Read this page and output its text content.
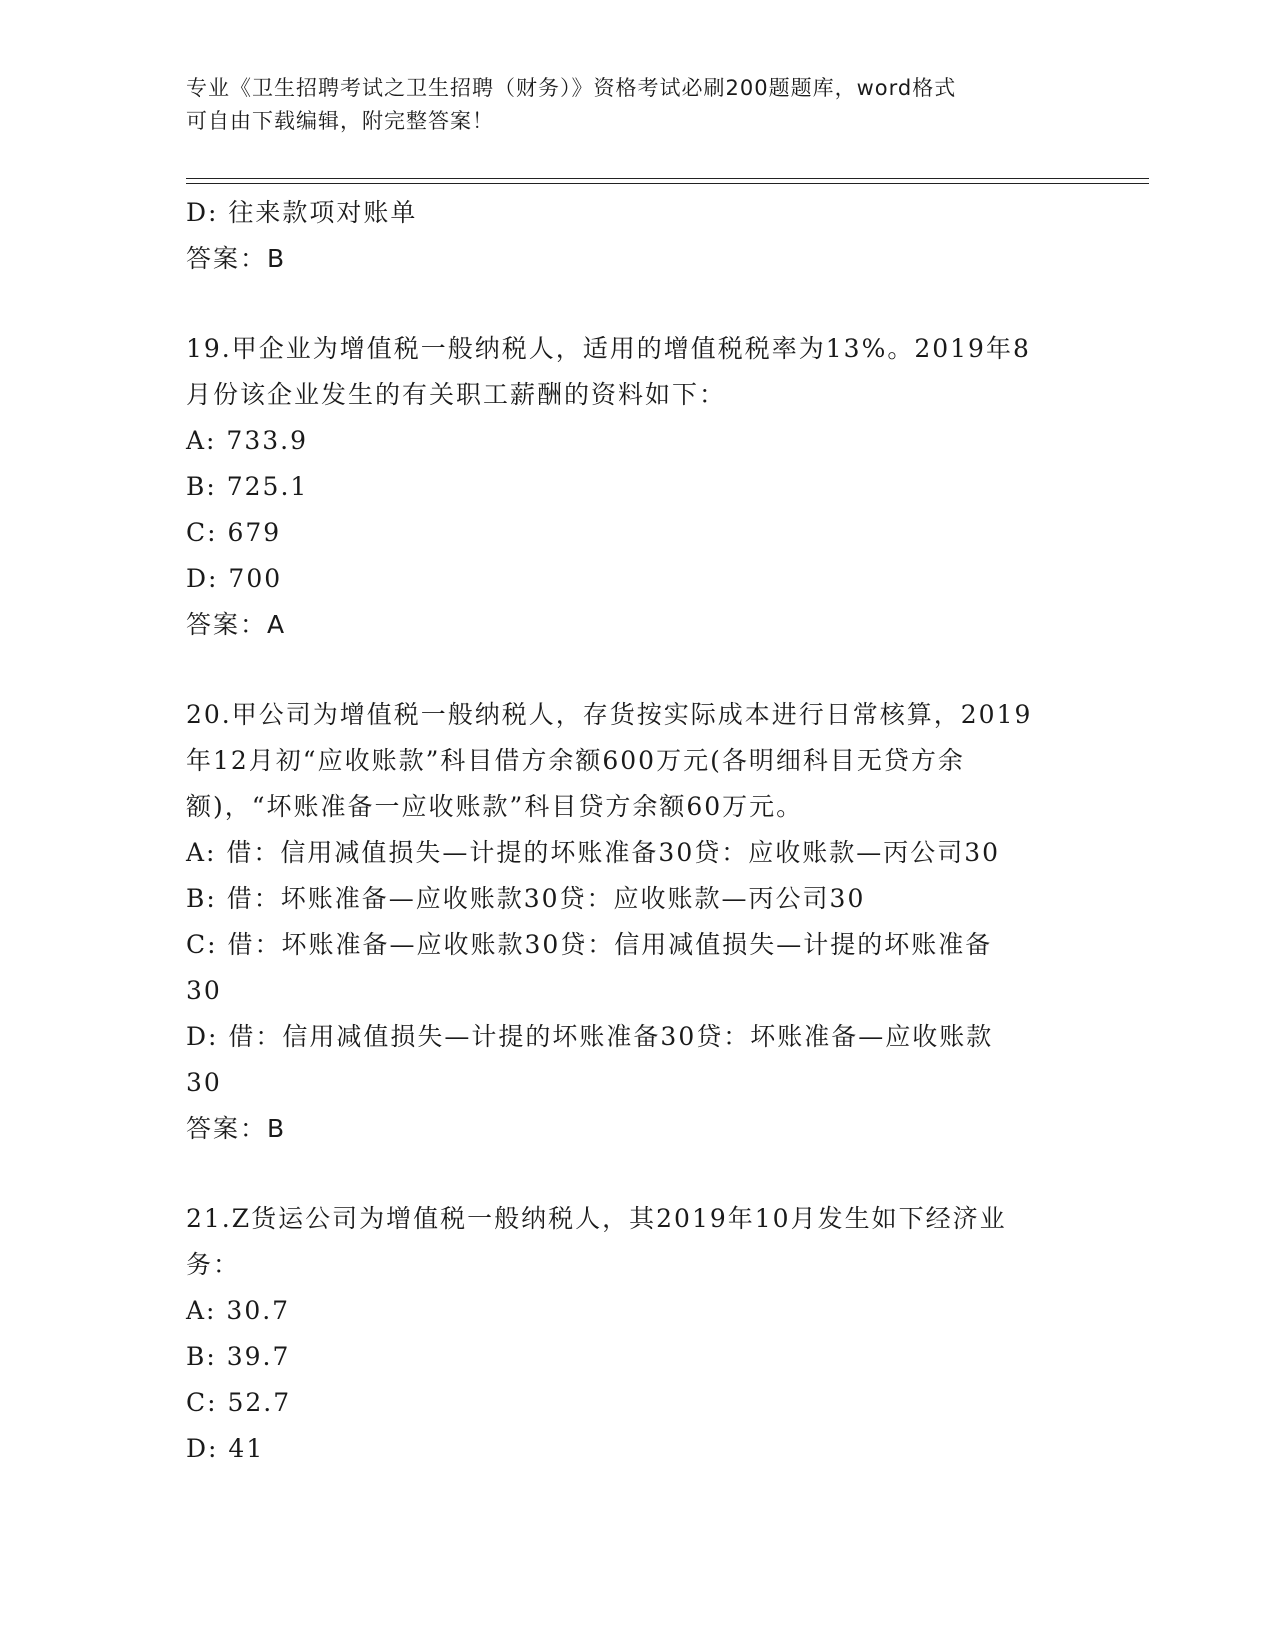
专业《卫生招聘考试之卫生招聘（财务）》资格考试必刷200题题库，word格式
可自由下载编辑，附完整答案！
D: 往来款项对账单
答案：B
19.甲企业为增值税一般纳税人，适用的增值税税率为13%。2019年8
月份该企业发生的有关职工薪酬的资料如下：
A: 733.9
B: 725.1
C: 679
D: 700
答案：A
20.甲公司为增值税一般纳税人，存货按实际成本进行日常核算，2019
年12月初“应收账款”科目借方余额600万元(各明细科目无贷方余
额)，“坏账准备一应收账款”科目贷方余额60万元。
A: 借：信用减值损失—计提的坏账准备30贷：应收账款—丙公司30
B: 借：坏账准备—应收账款30贷：应收账款—丙公司30
C: 借：坏账准备—应收账款30贷：信用减值损失—计提的坏账准备
30
D: 借：信用减值损失—计提的坏账准备30贷：坏账准备—应收账款
30
答案：B
21.Z货运公司为增值税一般纳税人，其2019年10月发生如下经济业
务：
A: 30.7
B: 39.7
C: 52.7
D: 41
